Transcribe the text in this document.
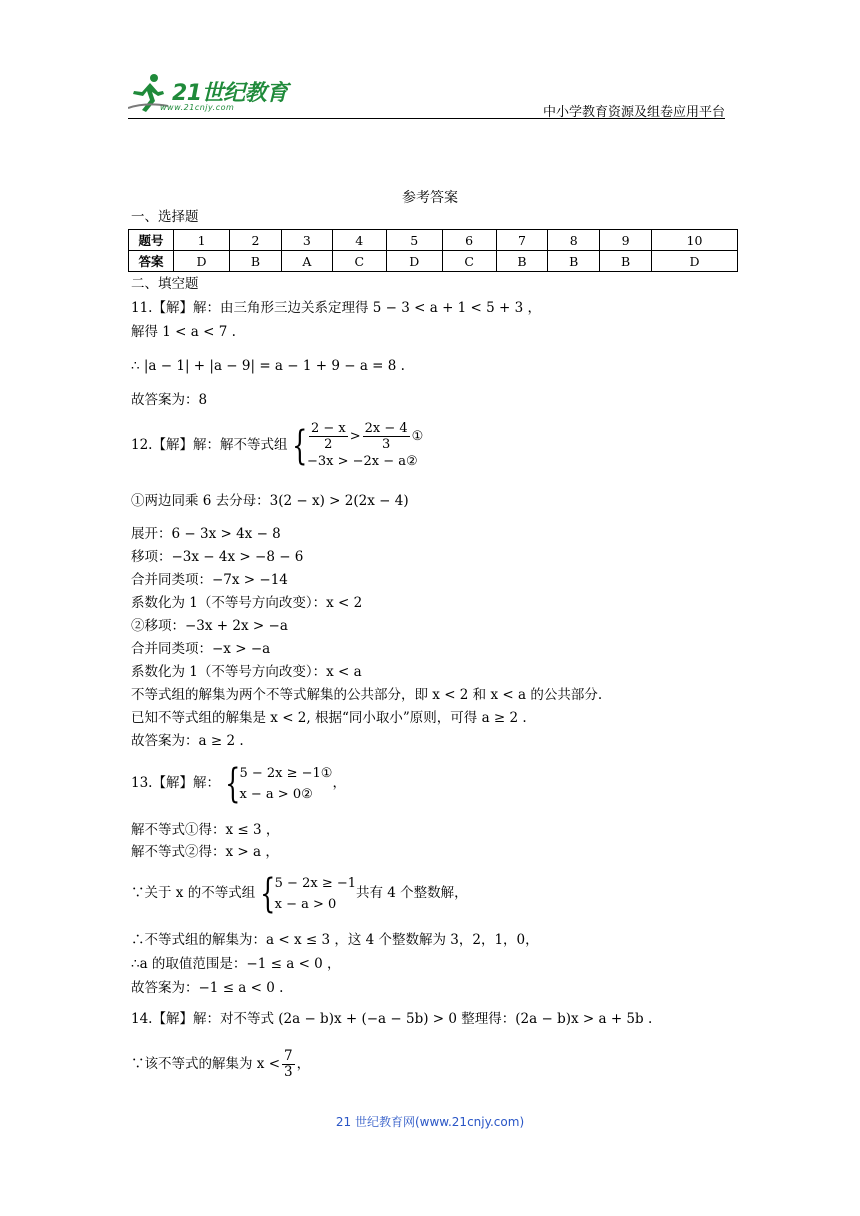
21世纪教育
www.21cnjy.com	中小学教育资源及组卷应用平台
参考答案
一、选择题
题号	1	2	3	4	5	6	7	8	9	10
答案	D	B	A	C	D	C	B	B	B	D
二、填空题
11.【解】解：由三角形三边关系定理得 5 − 3 < a + 1 < 5 + 3 ，
解得 1 < a < 7 .
∴ |a − 1| + |a − 9| = a − 1 + 9 − a = 8 .
故答案为：8
12.【解】解：解不等式组 { $\frac{2 - x}{2} > \frac{2x - 4}{3}$ ①
−3x > −2x − a②
①两边同乘 6 去分母：3(2 − x) > 2(2x − 4)
展开：6 − 3x > 4x − 8
移项：−3x − 4x > −8 − 6
合并同类项：−7x > −14
系数化为 1（不等号方向改变）：x < 2
②移项：−3x + 2x > −a
合并同类项：−x > −a
系数化为 1（不等号方向改变）：x < a
不等式组的解集为两个不等式解集的公共部分，即 x < 2 和 x < a 的公共部分.
已知不等式组的解集是 x < 2, 根据“同小取小”原则，可得 a ≥ 2 .
故答案为：a ≥ 2 .
13.【解】解： { 5 − 2x ≥ −1①
x − a > 0②
，
解不等式①得：x ≤ 3 ，
解不等式②得：x > a ，
∵关于 x 的不等式组 { 5 − 2x ≥ −1
x − a > 0
共有 4 个整数解，
∴不等式组的解集为：a < x ≤ 3 ，这 4 个整数解为 3，2，1，0，
∴a 的取值范围是：−1 ≤ a < 0 ，
故答案为：−1 ≤ a < 0 .
14.【解】解：对不等式 (2a − b)x + (−a − 5b) > 0 整理得：(2a − b)x > a + 5b .
∵该不等式的解集为 $x < \frac{7}{3}$ ，
21 世纪教育网(www.21cnjy.com)
